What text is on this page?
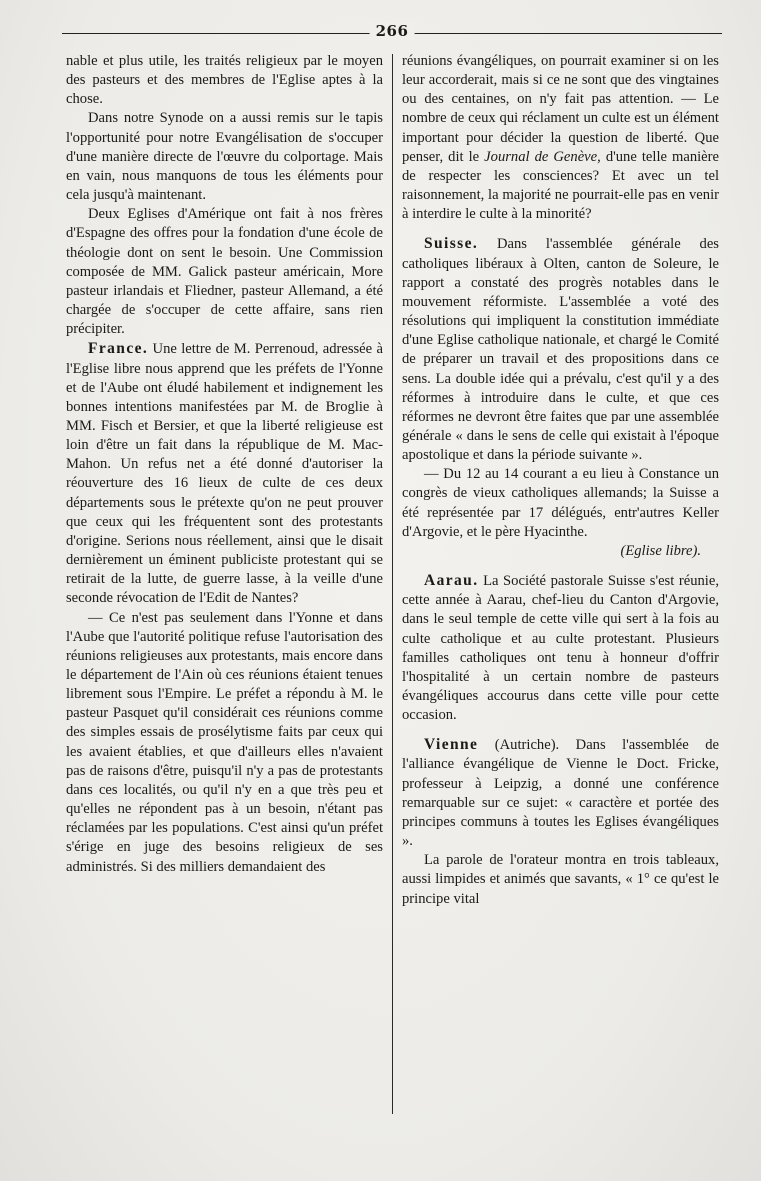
266

nable et plus utile, les traités religieux par le moyen des pasteurs et des membres de l'Eglise aptes à la chose.

Dans notre Synode on a aussi remis sur le tapis l'opportunité pour notre Evangélisation de s'occuper d'une manière directe de l'œuvre du colportage. Mais en vain, nous manquons de tous les éléments pour cela jusqu'à maintenant.

Deux Eglises d'Amérique ont fait à nos frères d'Espagne des offres pour la fondation d'une école de théologie dont on sent le besoin. Une Commission composée de MM. Galick pasteur américain, More pasteur irlandais et Fliedner, pasteur Allemand, a été chargée de s'occuper de cette affaire, sans rien précipiter.

France. Une lettre de M. Perrenoud, adressée à l'Eglise libre nous apprend que les préfets de l'Yonne et de l'Aube ont éludé habilement et indignement les bonnes intentions manifestées par M. de Broglie à MM. Fisch et Bersier, et que la liberté religieuse est loin d'être un fait dans la république de M. Mac-Mahon. Un refus net a été donné d'autoriser la réouverture des 16 lieux de culte de ces deux départements sous le prétexte qu'on ne peut prouver que ceux qui les fréquentent sont des protestants d'origine. Serions nous réellement, ainsi que le disait dernièrement un éminent publiciste protestant qui se retirait de la lutte, de guerre lasse, à la veille d'une seconde révocation de l'Edit de Nantes?

— Ce n'est pas seulement dans l'Yonne et dans l'Aube que l'autorité politique refuse l'autorisation des réunions religieuses aux protestants, mais encore dans le département de l'Ain où ces réunions étaient tenues librement sous l'Empire. Le préfet a répondu à M. le pasteur Pasquet qu'il considérait ces réunions comme des simples essais de prosélytisme faits par ceux qui les avaient établies, et que d'ailleurs elles n'avaient pas de raisons d'être, puisqu'il n'y a pas de protestants dans ces localités, ou qu'il n'y en a que très peu et qu'elles ne répondent pas à un besoin, n'étant pas réclamées par les populations. C'est ainsi qu'un préfet s'érige en juge des besoins religieux de ses administrés. Si des milliers demandaient des

réunions évangéliques, on pourrait examiner si on les leur accorderait, mais si ce ne sont que des vingtaines ou des centaines, on n'y fait pas attention. — Le nombre de ceux qui réclament un culte est un élément important pour décider la question de liberté. Que penser, dit le Journal de Genève, d'une telle manière de respecter les consciences? Et avec un tel raisonnement, la majorité ne pourrait-elle pas en venir à interdire le culte à la minorité?

Suisse. Dans l'assemblée générale des catholiques libéraux à Olten, canton de Soleure, le rapport a constaté des progrès notables dans le mouvement réformiste. L'assemblée a voté des résolutions qui impliquent la constitution immédiate d'une Eglise catholique nationale, et chargé le Comité de préparer un travail et des propositions dans ce sens. La double idée qui a prévalu, c'est qu'il y a des réformes à introduire dans le culte, et que ces réformes ne devront être faites que par une assemblée générale « dans le sens de celle qui existait à l'époque apostolique et dans la période suivante ».

— Du 12 au 14 courant a eu lieu à Constance un congrès de vieux catholiques allemands; la Suisse a été représentée par 17 délégués, entr'autres Keller d'Argovie, et le père Hyacinthe.

(Eglise libre).

Aarau. La Société pastorale Suisse s'est réunie, cette année à Aarau, chef-lieu du Canton d'Argovie, dans le seul temple de cette ville qui sert à la fois au culte catholique et au culte protestant. Plusieurs familles catholiques ont tenu à honneur d'offrir l'hospitalité à un certain nombre de pasteurs évangéliques accourus dans cette ville pour cette occasion.

Vienne (Autriche). Dans l'assemblée de l'alliance évangélique de Vienne le Doct. Fricke, professeur à Leipzig, a donné une conférence remarquable sur ce sujet: « caractère et portée des principes communs à toutes les Eglises évangéliques ».

La parole de l'orateur montra en trois tableaux, aussi limpides et animés que savants, « 1° ce qu'est le principe vital
